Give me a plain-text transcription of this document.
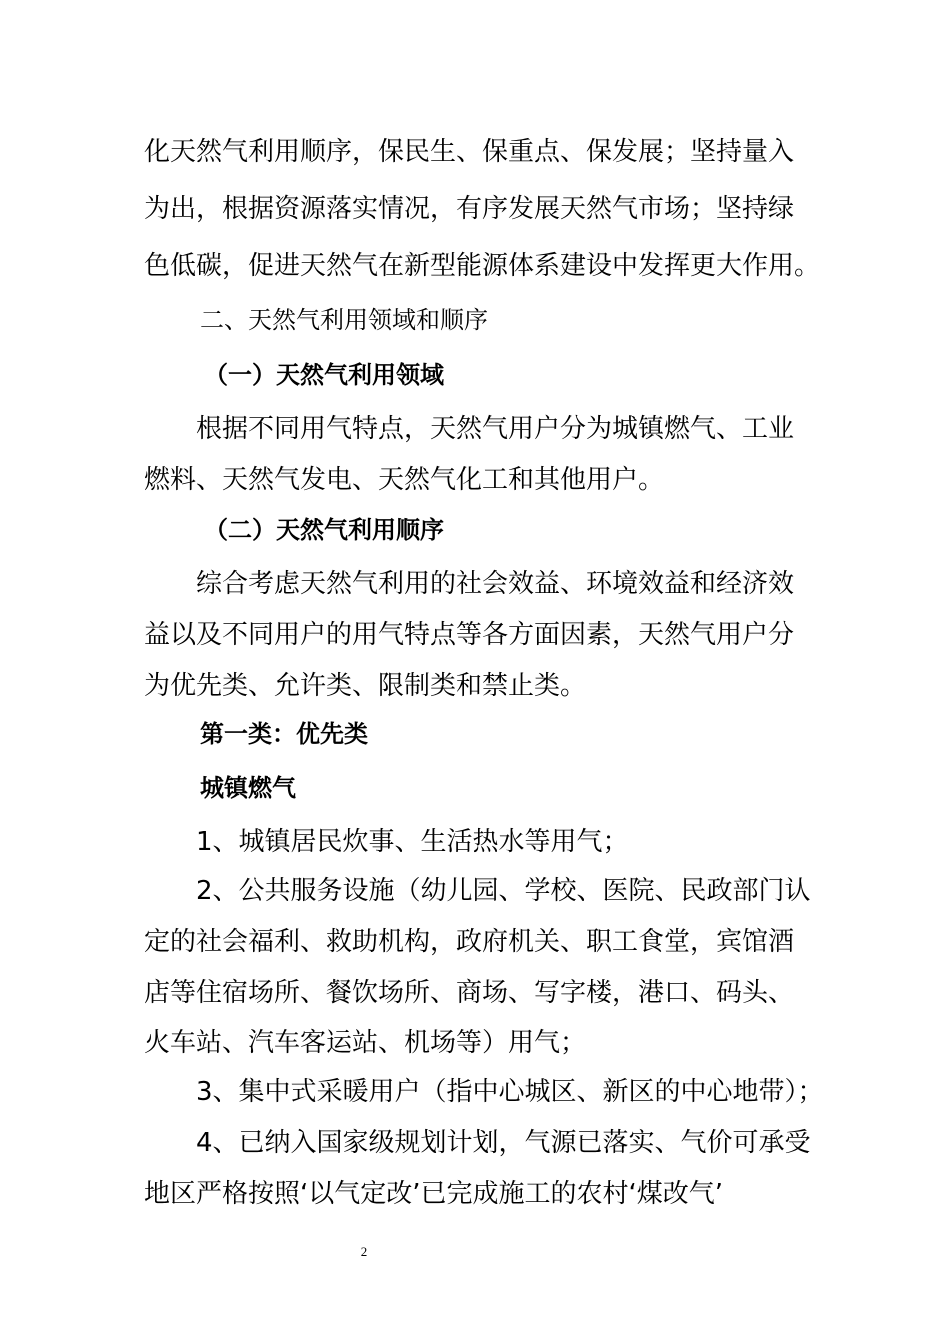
化天然气利用顺序，保民生、保重点、保发展；坚持量入
为出，根据资源落实情况，有序发展天然气市场；坚持绿
色低碳，促进天然气在新型能源体系建设中发挥更大作用。
二、天然气利用领域和顺序
（一）天然气利用领域
根据不同用气特点，天然气用户分为城镇燃气、工业
燃料、天然气发电、天然气化工和其他用户。
（二）天然气利用顺序
综合考虑天然气利用的社会效益、环境效益和经济效
益以及不同用户的用气特点等各方面因素，天然气用户分
为优先类、允许类、限制类和禁止类。
第一类：优先类
城镇燃气
1、城镇居民炊事、生活热水等用气；
2、公共服务设施（幼儿园、学校、医院、民政部门认
定的社会福利、救助机构，政府机关、职工食堂，宾馆酒
店等住宿场所、餐饮场所、商场、写字楼，港口、码头、
火车站、汽车客运站、机场等）用气；
3、集中式采暖用户（指中心城区、新区的中心地带）；
4、已纳入国家级规划计划，气源已落实、气价可承受
地区严格按照‘以气定改’已完成施工的农村‘煤改气’
2
